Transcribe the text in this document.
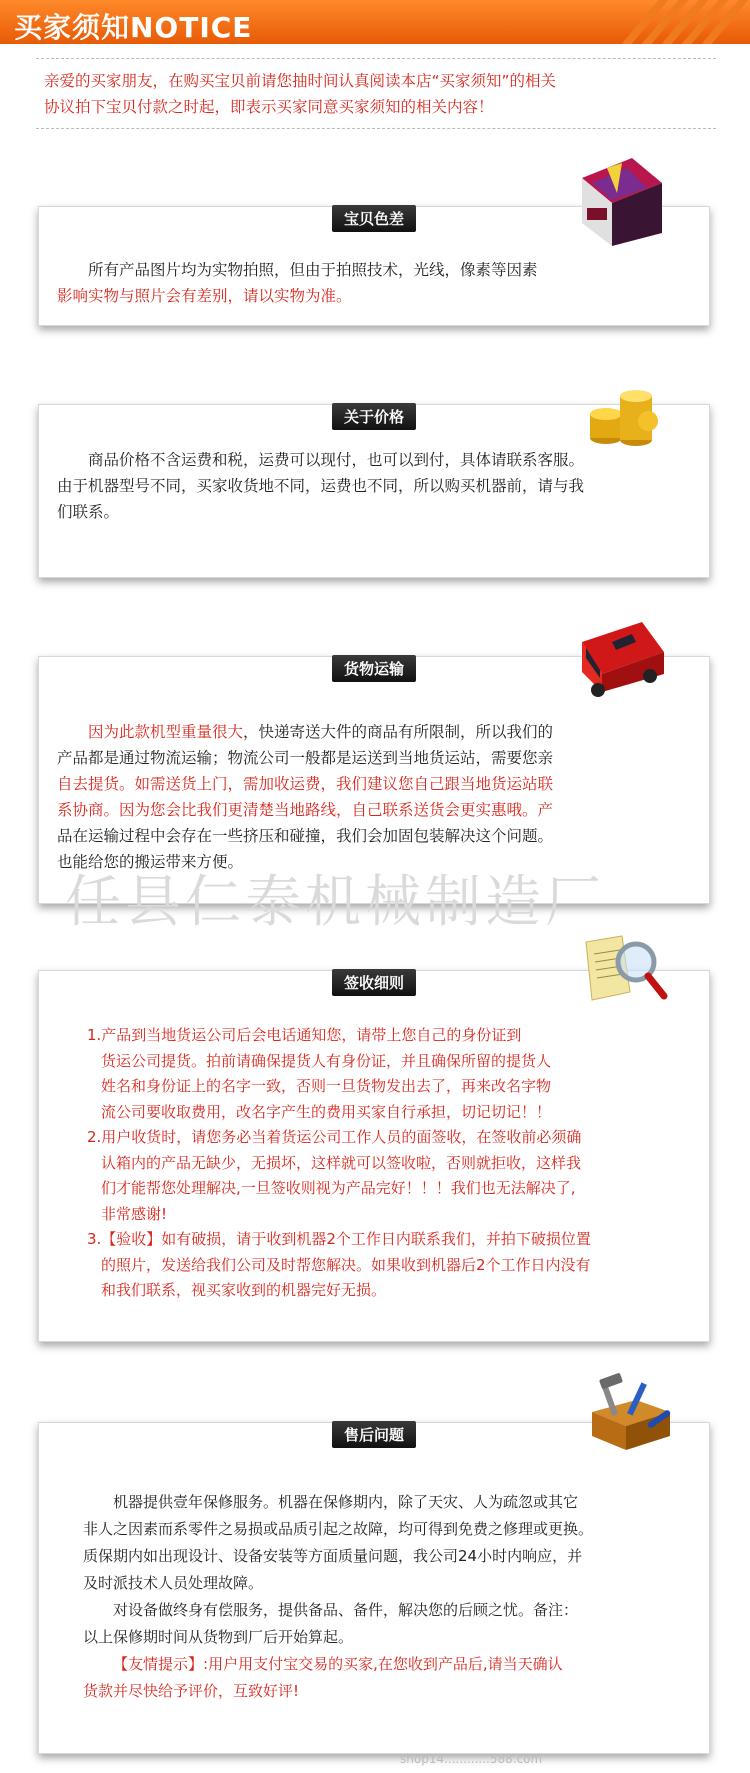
买家须知NOTICE
亲爱的买家朋友，在购买宝贝前请您抽时间认真阅读本店“买家须知”的相关
协议拍下宝贝付款之时起，即表示买家同意买家须知的相关内容！
宝贝色差
所有产品图片均为实物拍照，但由于拍照技术，光线，像素等因素
影响实物与照片会有差别，请以实物为准。
关于价格
商品价格不含运费和税，运费可以现付，也可以到付，具体请联系客服。
由于机器型号不同，买家收货地不同，运费也不同，所以购买机器前，请与我
们联系。
货物运输
因为此款机型重量很大，快递寄送大件的商品有所限制，所以我们的
产品都是通过物流运输；物流公司一般都是运送到当地货运站，需要您亲
自去提货。如需送货上门，需加收运费，我们建议您自己跟当地货运站联
系协商。因为您会比我们更清楚当地路线，自己联系送货会更实惠哦。产
品在运输过程中会存在一些挤压和碰撞，我们会加固包装解决这个问题。
也能给您的搬运带来方便。
任县仁泰机械制造厂
签收细则
1.产品到当地货运公司后会电话通知您，请带上您自己的身份证到
货运公司提货。拍前请确保提货人有身份证，并且确保所留的提货人
姓名和身份证上的名字一致，否则一旦货物发出去了，再来改名字物
流公司要收取费用，改名字产生的费用买家自行承担，切记切记！！
2.用户收货时，请您务必当着货运公司工作人员的面签收，在签收前必须确
认箱内的产品无缺少，无损坏，这样就可以签收啦，否则就拒收，这样我
们才能帮您处理解决,一旦签收则视为产品完好！！！我们也无法解决了,
非常感谢!
3.【验收】如有破损，请于收到机器2个工作日内联系我们，并拍下破损位置
的照片，发送给我们公司及时帮您解决。如果收到机器后2个工作日内没有
和我们联系，视买家收到的机器完好无损。
售后问题
机器提供壹年保修服务。机器在保修期内，除了天灾、人为疏忽或其它
非人之因素而系零件之易损或品质引起之故障，均可得到免费之修理或更换。
质保期内如出现设计、设备安装等方面质量问题，我公司24小时内响应，并
及时派技术人员处理故障。
对设备做终身有偿服务，提供备品、备件，解决您的后顾之忧。备注：
以上保修期时间从货物到厂后开始算起。
【友情提示】:用户用支付宝交易的买家,在您收到产品后,请当天确认
货款并尽快给予评价，互致好评!
shop14............588.com
